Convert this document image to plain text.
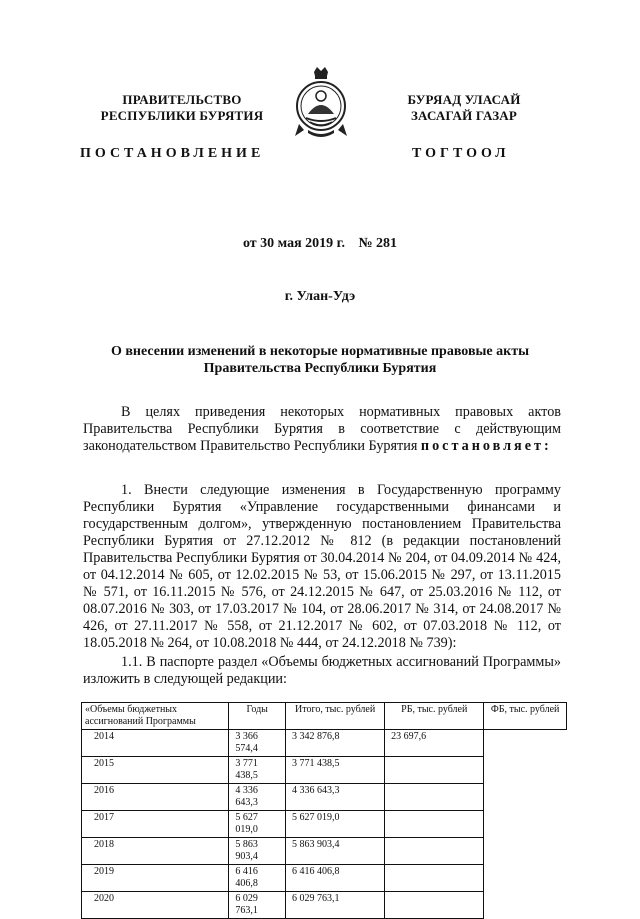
ПРАВИТЕЛЬСТВО
РЕСПУБЛИКИ БУРЯТИЯ
БУРЯАД УЛАСАЙ
ЗАСАГАЙ ГАЗАР
ПОСТАНОВЛЕНИЕ	ТОГТООЛ
от 30 мая 2019 г. № 281
г. Улан-Удэ
О внесении изменений в некоторые нормативные правовые акты Правительства Республики Бурятия

В целях приведения некоторых нормативных правовых актов Правительства Республики Бурятия в соответствие с действующим законодательством Правительство Республики Бурятия постановляет:

1. Внести следующие изменения в Государственную программу Республики Бурятия «Управление государственными финансами и государственным долгом», утвержденную постановлением Правительства Республики Бурятия от 27.12.2012 № 812 (в редакции постановлений Правительства Республики Бурятия от 30.04.2014 № 204, от 04.09.2014 № 424, от 04.12.2014 № 605, от 12.02.2015 № 53, от 15.06.2015 № 297, от 13.11.2015 № 571, от 16.11.2015 № 576, от 24.12.2015 № 647, от 25.03.2016 № 112, от 08.07.2016 № 303, от 17.03.2017 № 104, от 28.06.2017 № 314, от 24.08.2017 № 426, от 27.11.2017 № 558, от 21.12.2017 № 602, от 07.03.2018 № 112, от 18.05.2018 № 264, от 10.08.2018 № 444, от 24.12.2018 № 739):

1.1. В паспорте раздел «Объемы бюджетных ассигнований Программы» изложить в следующей редакции:

«Объемы бюджетных ассигнований Программы	Годы	Итого, тыс. рублей	РБ, тыс. рублей	ФБ, тыс. рублей
2014	3 366 574,4	3 342 876,8	23 697,6	
2015	3 771 438,5	3 771 438,5		
2016	4 336 643,3	4 336 643,3		
2017	5 627 019,0	5 627 019,0		
2018	5 863 903,4	5 863 903,4		
2019	6 416 406,8	6 416 406,8		
2020	6 029 763,1	6 029 763,1		
